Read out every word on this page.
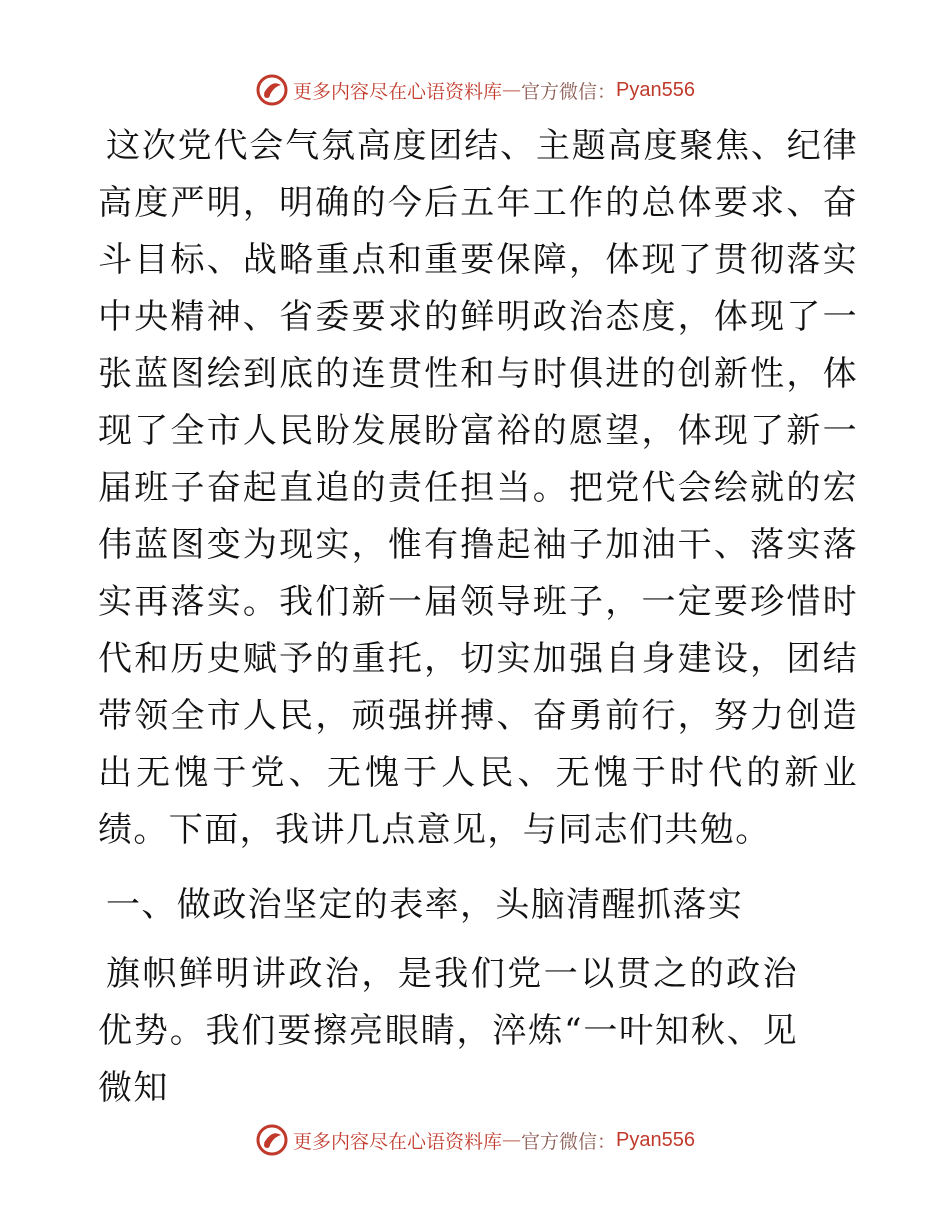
更多内容尽在心语资料库 — 官方微信： Pyan556

这次党代会气氛高度团结、主题高度聚焦、纪律高度严明，明确的今后五年工作的总体要求、奋斗目标、战略重点和重要保障，体现了贯彻落实中央精神、省委要求的鲜明政治态度，体现了一张蓝图绘到底的连贯性和与时俱进的创新性，体现了全市人民盼发展盼富裕的愿望，体现了新一届班子奋起直追的责任担当。把党代会绘就的宏伟蓝图变为现实，惟有撸起袖子加油干、落实落实再落实。我们新一届领导班子，一定要珍惜时代和历史赋予的重托，切实加强自身建设，团结带领全市人民，顽强拼搏、奋勇前行，努力创造出无愧于党、无愧于人民、无愧于时代的新业绩。下面，我讲几点意见，与同志们共勉。

一、做政治坚定的表率，头脑清醒抓落实

旗帜鲜明讲政治，是我们党一以贯之的政治优势。我们要擦亮眼睛，淬炼“一叶知秋、见微知

更多内容尽在心语资料库 — 官方微信： Pyan556
